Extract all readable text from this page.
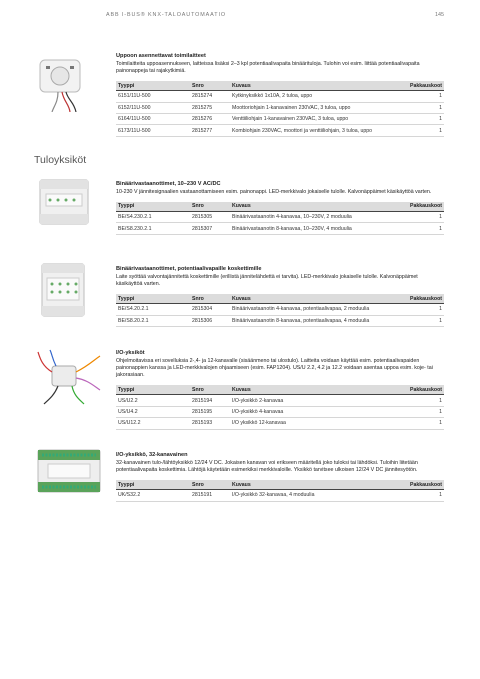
ABB I-BUS® KNX-TALOAUTOMAATIO	145
Tuloyksiköt
Uppoon asennettavat toimilaitteet
Toimilaitteita uppoasennukseen, laitteissa lisäksi 2–3 kpl potentiaalivapaita binäärituloja. Tulohin voi esim. liittää potentiaalivapaita painonappeja tai rajakytkimiä.
Tyyppi	Snro	Kuvaus	Pakkauskoot
6151/11U-500	2815274	Kytkinyksikkö 1x10A, 2 tuloa, uppo	1
6152/11U-500	2815275	Moottoriohjain 1-kanavainen 230VAC, 3 tuloa, uppo	1
6164/11U-500	2815276	Venttiiliohjain 1-kanavainen 230VAC, 3 tuloa, uppo	1
6173/11U-500	2815277	Kombiohjain 230VAC, moottori ja venttiiliohjain, 3 tuloa, uppo	1
Binäärivastaanottimet, 10–230 V AC/DC
10-230 V jännitesignaalien vastaanottamiseen esim. painonappi. LED-merkkivalo jokaiselle tulolle. Kalvonäppäimet käsikäyttöä varten.
Tyyppi	Snro	Kuvaus	Pakkauskoot
BE/S4.230.2.1	2815305	Binäärivastaanotin 4-kanavaa, 10–230V, 2 moduulia	1
BE/S8.230.2.1	2815307	Binäärivastaanotin 8-kanavaa, 10–230V, 4 moduulia	1
Binäärivastaanottimet, potentiaalivapaille koskettimille
Laite syöttää valvontajännitettä koskettimille (erillistä jännitelähdettä ei tarvita). LED-merkkivalo jokaiselle tulolle. Kalvonäppäimet käsikäyttöä varten.
Tyyppi	Snro	Kuvaus	Pakkauskoot
BE/S4.20.2.1	2815304	Binäärivastaanotin 4-kanavaa, potentiaalivapaa, 2 moduulia	1
BE/S8.20.2.1	2815306	Binäärivastaanotin 8-kanavaa, potentiaalivapaa, 4 moduulia	1
I/O-yksiköt
Ohjelmoitavissa eri sovelluksia 2-,4- ja 12-kanavalle (sisäänmeno tai ulostulo). Laitteita voidaan käyttää esim. potentiaalivapaiden painonappien kanssa ja LED-merkkivalojen ohjaamiseen (esim. FAP1204). US/U 2.2, 4.2 ja 12.2 voidaan asentaa uppoa esim. koje- tai jakorasiaan.
Tyyppi	Snro	Kuvaus	Pakkauskoot
US/U2.2	2815194	I/O-yksikkö 2-kanavaa	1
US/U4.2	2815195	I/O-yksikkö 4-kanavaa	1
US/U12.2	2815193	I/O yksikkö 12-kanavaa	1
I/O-yksikkö, 32-kanavainen
32-kanavainen tulo-/lähtöyksikkö 12/24 V DC. Jokaisen kanavan voi erikseen määritellä joko tuloksi tai lähdöksi. Tuloihin liitetään potentiaalivapaita koskettimia. Lähtöjä käytetään esimerkiksi merkkivaloille. Yksikkö tarvitsee ulkoisen 12/24 V DC jännitesyötön.
Tyyppi	Snro	Kuvaus	Pakkauskoot
UK/S32.2	2815191	I/O-yksikkö 32-kanavaa, 4 moduulia	1
